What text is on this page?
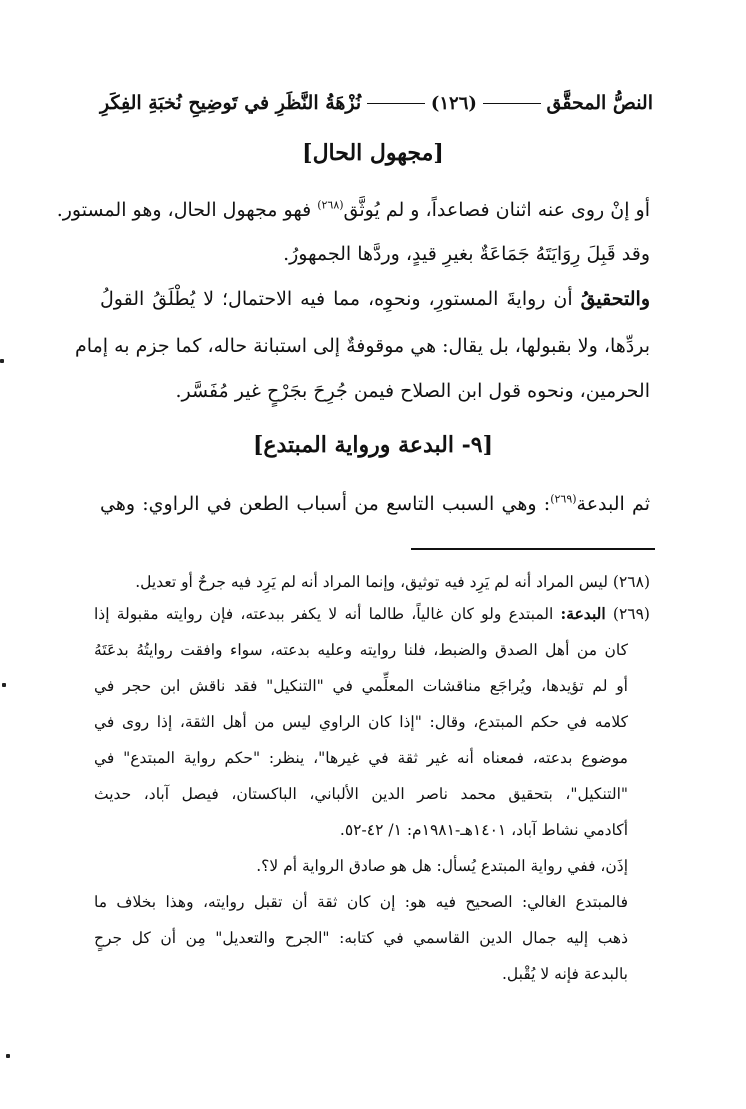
النصُّ المحقَّق
(١٢٦)
نُزْهَةُ النَّظَرِ في تَوضِيحِ نُخبَةِ الفِكَرِ
[مجهول الحال]
أو إنْ روى عنه اثنان فصاعداً، و لم يُوثَّق$^{(٢٦٨)}$ فهو مجهول الحال، وهو المستور.
وقد قَبِلَ رِوَايَتَهُ جَمَاعَةٌ بغيرِ قيدٍ، وردَّها الجمهورُ.
والتحقيقُ أن روايةَ المستورِ، ونحوِه، مما فيه الاحتمال؛ لا يُطْلَقُ القولُ
بردِّها، ولا بقبولها، بل يقال: هي موقوفةٌ إلى استبانة حاله، كما جزم به إمام
الحرمين، ونحوه قول ابن الصلاح فيمن جُرِحَ بجَرْحٍ غير مُفَسَّر.
[٩- البدعة ورواية المبتدع]
ثم البدعة$^{(٢٦٩)}$: وهي السبب التاسع من أسباب الطعن في الراوي: وهي
(٢٦٨) ليس المراد أنه لم يَرِد فيه توثيق، وإنما المراد أنه لم يَرِد فيه جرحٌ أو تعديل.
(٢٦٩) البدعة: المبتدع ولو كان غالياً، طالما أنه لا يكفر ببدعته، فإن روايته مقبولة إذا
كان من أهل الصدق والضبط، فلنا روايته وعليه بدعته، سواء وافقت روايتُهُ بدعَتَهُ
أو لم تؤيدها، ويُراجَع مناقشات المعلِّمي في "التنكيل" فقد ناقش ابن حجر في
كلامه في حكم المبتدع، وقال: "إذا كان الراوي ليس من أهل الثقة، إذا روى في
موضوع بدعته، فمعناه أنه غير ثقة في غيرها"، ينظر: "حكم رواية المبتدع" في
"التنكيل"، بتحقيق محمد ناصر الدين الألباني، الباكستان، فيصل آباد، حديث
أكادمي نشاط آباد، ١٤٠١هـ-١٩٨١م: ١/ ٤٢-٥٢.
إذَن، ففي رواية المبتدع يُسأل: هل هو صادق الرواية أم لا؟.
فالمبتدع الغالي: الصحيح فيه هو: إن كان ثقة أن تقبل روايته، وهذا بخلاف ما
ذهب إليه جمال الدين القاسمي في كتابه: "الجرح والتعديل" مِن أن كل جرحٍ
بالبدعة فإنه لا يُقْبل.
